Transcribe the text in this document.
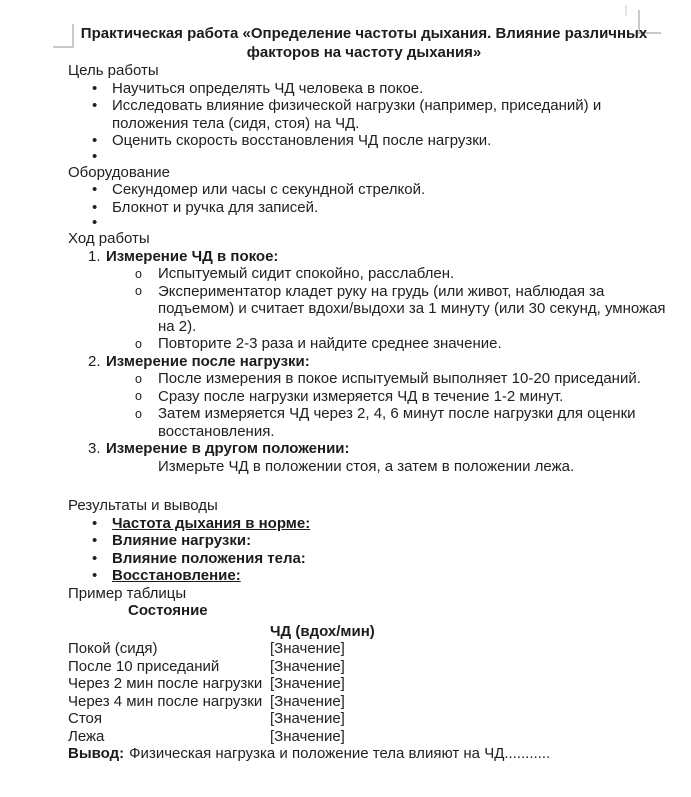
Практическая работа «Определение частоты дыхания. Влияние различных факторов на частоту дыхания»
Цель работы
• Научиться определять ЧД человека в покое.
• Исследовать влияние физической нагрузки (например, приседаний) и положения тела (сидя, стоя) на ЧД.
• Оценить скорость восстановления ЧД после нагрузки.
•
Оборудование
• Секундомер или часы с секундной стрелкой.
• Блокнот и ручка для записей.
•
Ход работы
1. Измерение ЧД в покое:
o Испытуемый сидит спокойно, расслаблен.
o Экспериментатор кладет руку на грудь (или живот, наблюдая за подъемом) и считает вдохи/выдохи за 1 минуту (или 30 секунд, умножая на 2).
o Повторите 2-3 раза и найдите среднее значение.
2. Измерение после нагрузки:
o После измерения в покое испытуемый выполняет 10-20 приседаний.
o Сразу после нагрузки измеряется ЧД в течение 1-2 минут.
o Затем измеряется ЧД через 2, 4, 6 минут после нагрузки для оценки восстановления.
3. Измерение в другом положении:
Измерьте ЧД в положении стоя, а затем в положении лежа.
Результаты и выводы
• Частота дыхания в норме:
• Влияние нагрузки:
• Влияние положения тела:
• Восстановление:
Пример таблицы
Состояние
ЧД (вдох/мин)
Покой (сидя)	[Значение]
После 10 приседаний	[Значение]
Через 2 мин после нагрузки [Значение]
Через 4 мин после нагрузки [Значение]
Стоя	[Значение]
Лежа	[Значение]
Вывод: Физическая нагрузка и положение тела влияют на ЧД...........
